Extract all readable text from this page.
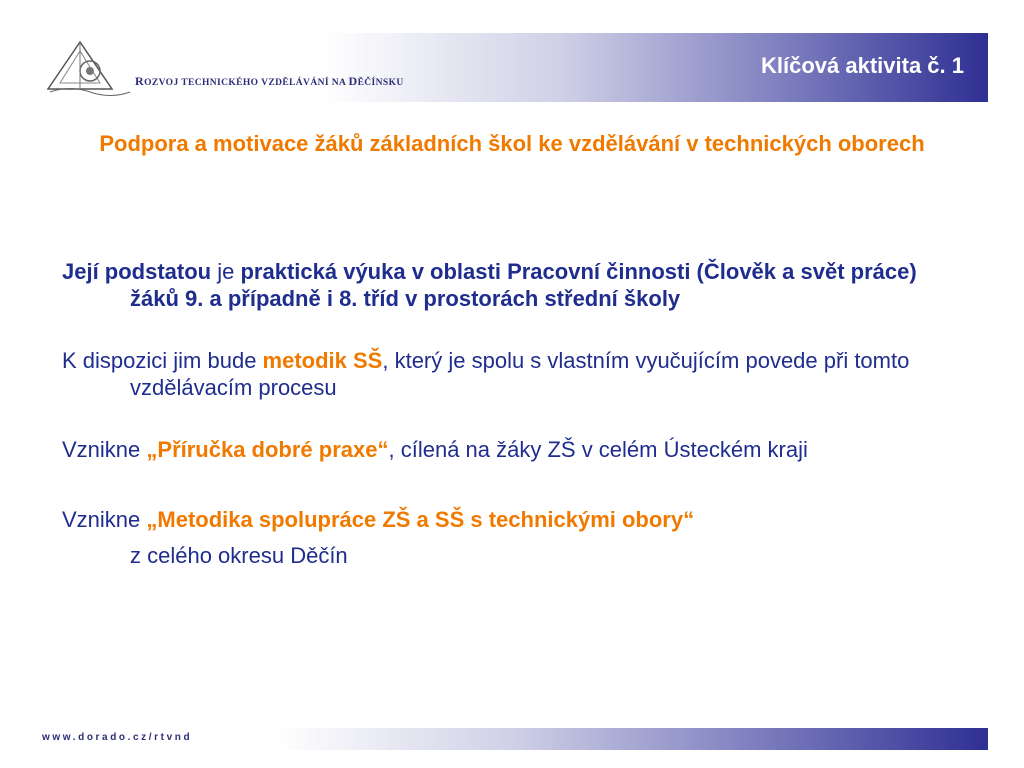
ROZVOJ TECHNICKÉHO VZDĚLÁVÁNÍ NA DĚČÍNSKU
Klíčová aktivita č. 1
Podpora a motivace žáků základních škol ke vzdělávání v technických oborech

Její podstatou je praktická výuka v oblasti Pracovní činnosti (Člověk a svět práce) žáků 9. a případně i 8. tříd v prostorách střední školy

K dispozici jim bude metodik SŠ, který je spolu s vlastním vyučujícím povede při tomto vzdělávacím procesu

Vznikne „Příručka dobré praxe“, cílená na žáky ZŠ v celém Ústeckém kraji

Vznikne „Metodika spolupráce ZŠ a SŠ s technickými obory“
z celého okresu Děčín

www.dorado.cz/rtvnd
